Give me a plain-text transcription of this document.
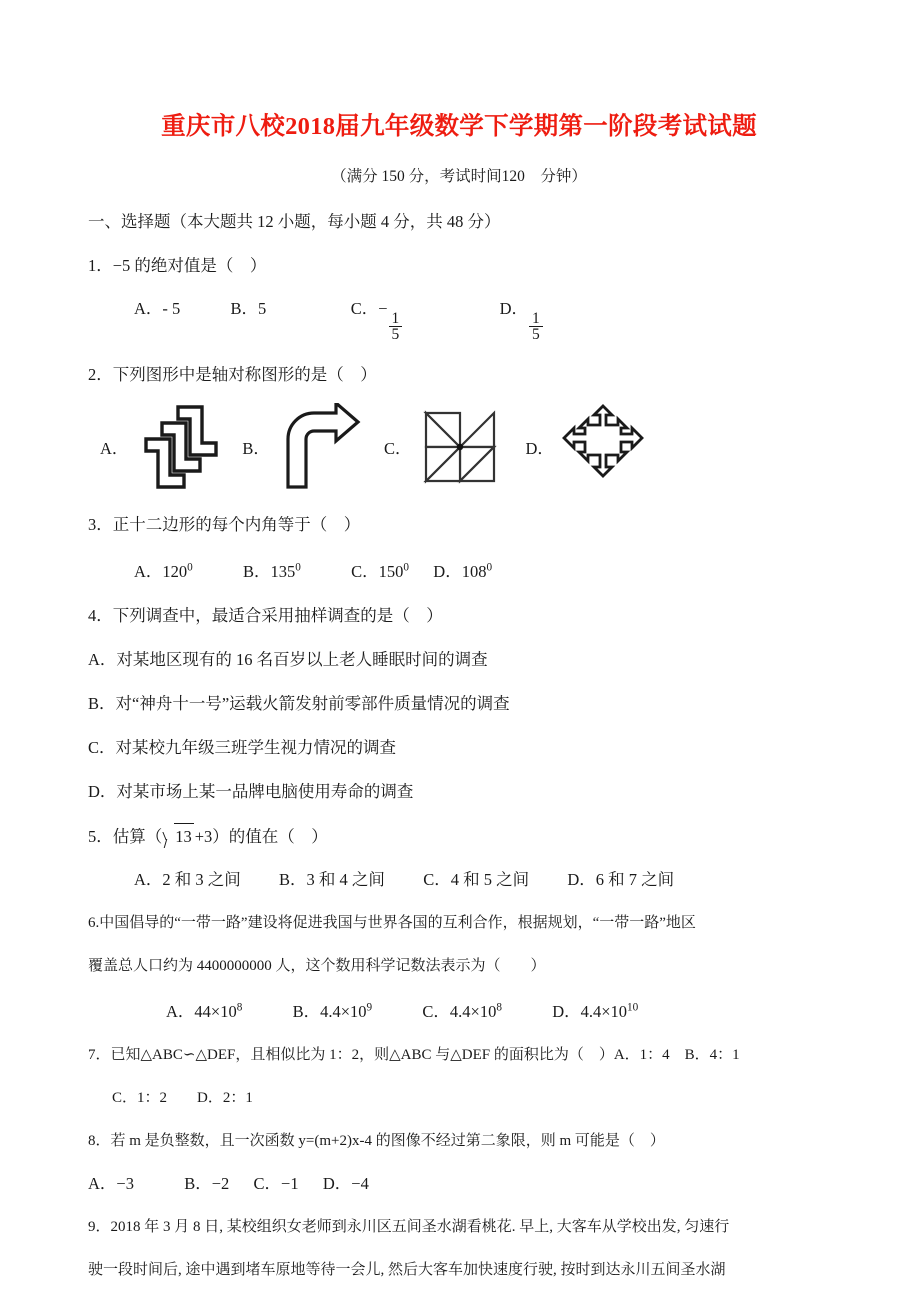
重庆市八校2018届九年级数学下学期第一阶段考试试题
（满分 150 分，考试时间120　分钟）
一、选择题（本大题共 12 小题，每小题 4 分，共 48 分）
1．−5 的绝对值是（　）
A．- 5	B．5	C．−
$\frac{1}{5}$
D．
$\frac{1}{5}$
2．下列图形中是轴对称图形的是（　）
A．	B．	C．	D．
3．正十二边形的每个内角等于（　）
A．$120^0$	B．$135^0$	C．$150^0$ D．$108^0$
4．下列调查中，最适合采用抽样调查的是（　）
A．对某地区现有的 16 名百岁以上老人睡眠时间的调查
B．对“神舟十一号”运载火箭发射前零部件质量情况的调查
C．对某校九年级三班学生视力情况的调查
D．对某市场上某一品牌电脑使用寿命的调查
5．估算（ 13 +3）的值在（　）
A．2 和 3 之间 B．3 和 4 之间 C．4 和 5 之间 D．6 和 7 之间
6.中国倡导的“一带一路”建设将促进我国与世界各国的互利合作，根据规划，“一带一路”地区
覆盖总人口约为 4400000000 人，这个数用科学记数法表示为（　　）
A．$44\times 10^8$	B．$4.4\times 10^9$	C．$4.4\times 10^8$	D．$4.4\times 10^{10}$
7．已知△ABC∽△DEF，且相似比为 1：2，则△ABC 与△DEF 的面积比为（　）A．1：4　B．4：1
C．1：2　　D．2：1
8．若 m 是负整数，且一次函数 y=(m+2)x-4 的图像不经过第二象限，则 m 可能是（　）
A．−3	B．−2 C．−1 D．−4
9．2018 年 3 月 8 日, 某校组织女老师到永川区五间圣水湖看桃花. 早上, 大客车从学校出发, 匀速行
驶一段时间后, 途中遇到堵车原地等待一会儿, 然后大客车加快速度行驶, 按时到达永川五间圣水湖
